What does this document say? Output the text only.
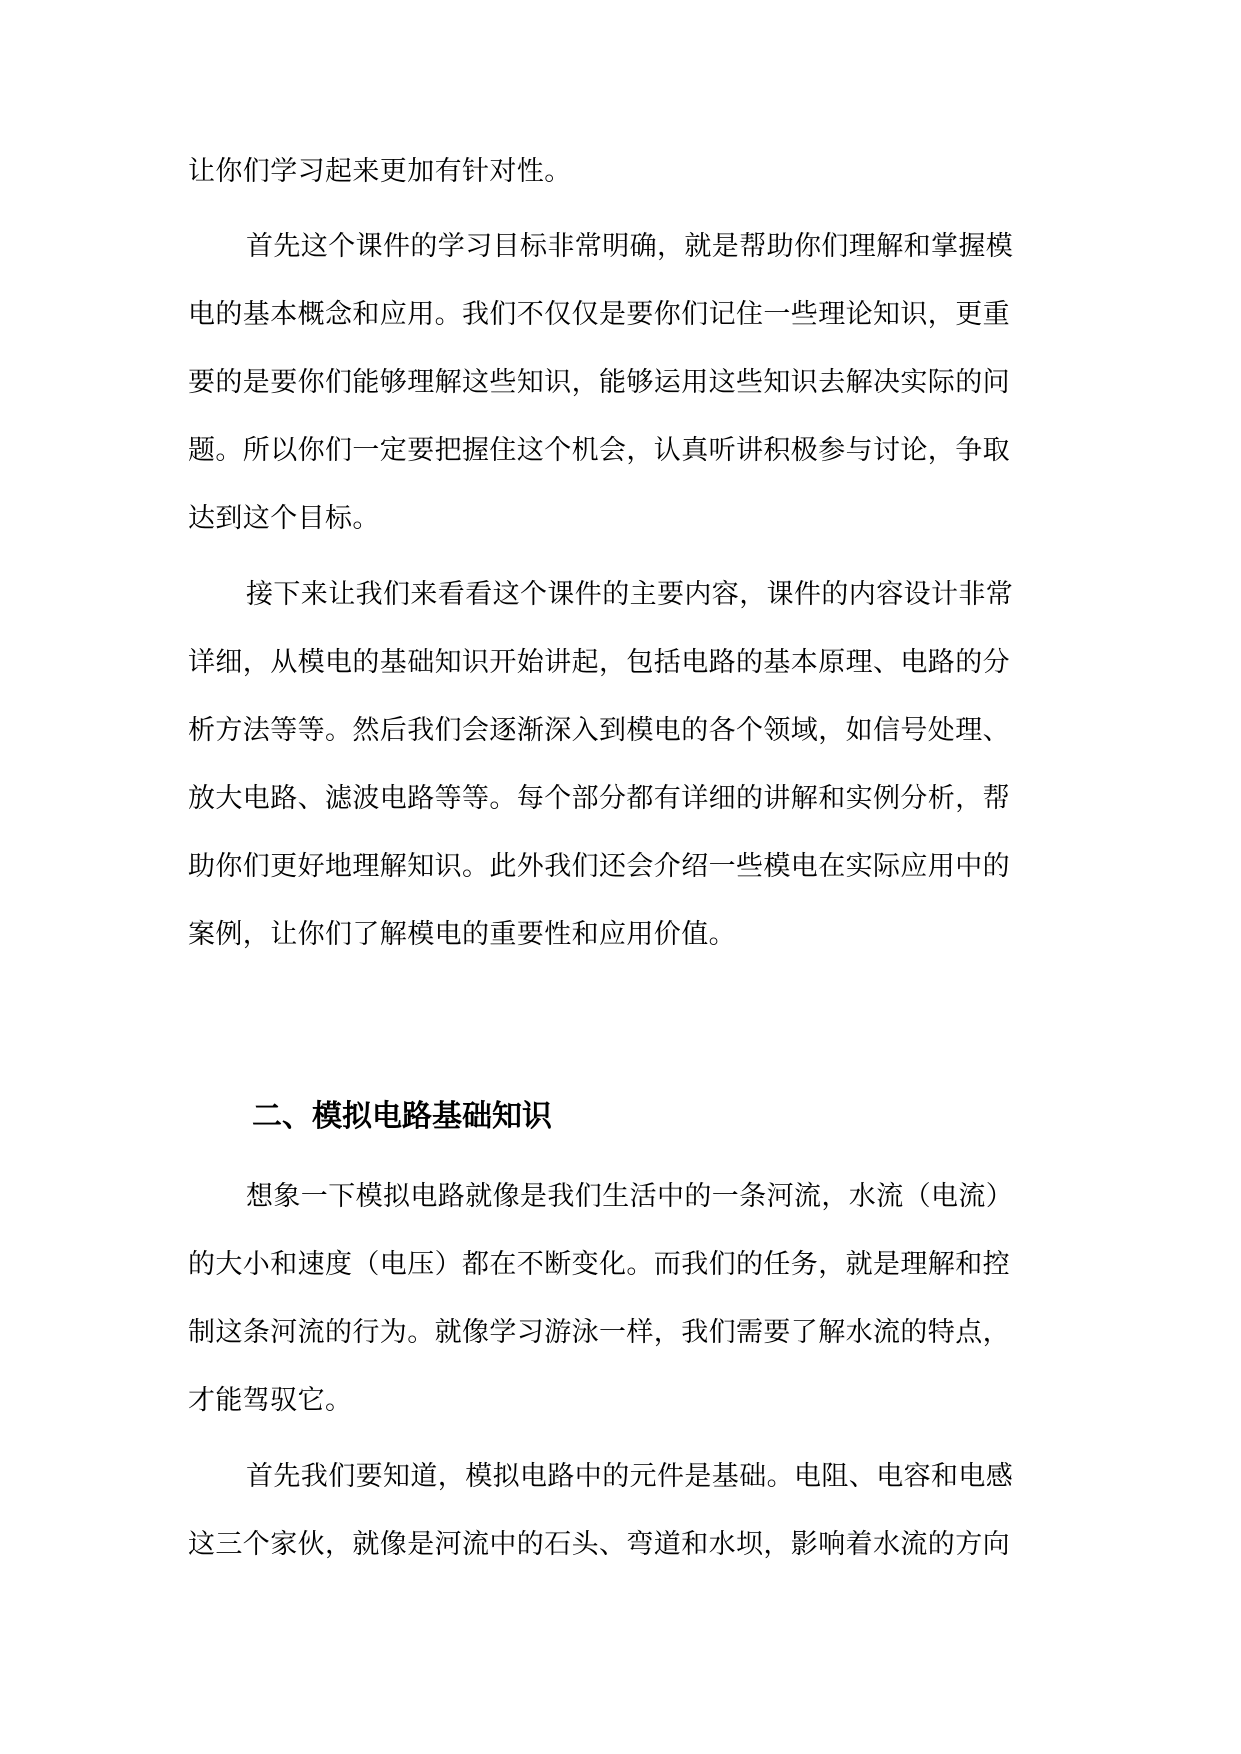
让你们学习起来更加有针对性。
首先这个课件的学习目标非常明确，就是帮助你们理解和掌握模
电的基本概念和应用。我们不仅仅是要你们记住一些理论知识，更重
要的是要你们能够理解这些知识，能够运用这些知识去解决实际的问
题。所以你们一定要把握住这个机会，认真听讲积极参与讨论，争取
达到这个目标。
接下来让我们来看看这个课件的主要内容，课件的内容设计非常
详细，从模电的基础知识开始讲起，包括电路的基本原理、电路的分
析方法等等。然后我们会逐渐深入到模电的各个领域，如信号处理、
放大电路、滤波电路等等。每个部分都有详细的讲解和实例分析，帮
助你们更好地理解知识。此外我们还会介绍一些模电在实际应用中的
案例，让你们了解模电的重要性和应用价值。
二、模拟电路基础知识
想象一下模拟电路就像是我们生活中的一条河流，水流（电流）
的大小和速度（电压）都在不断变化。而我们的任务，就是理解和控
制这条河流的行为。就像学习游泳一样，我们需要了解水流的特点，
才能驾驭它。
首先我们要知道，模拟电路中的元件是基础。电阻、电容和电感
这三个家伙，就像是河流中的石头、弯道和水坝，影响着水流的方向
